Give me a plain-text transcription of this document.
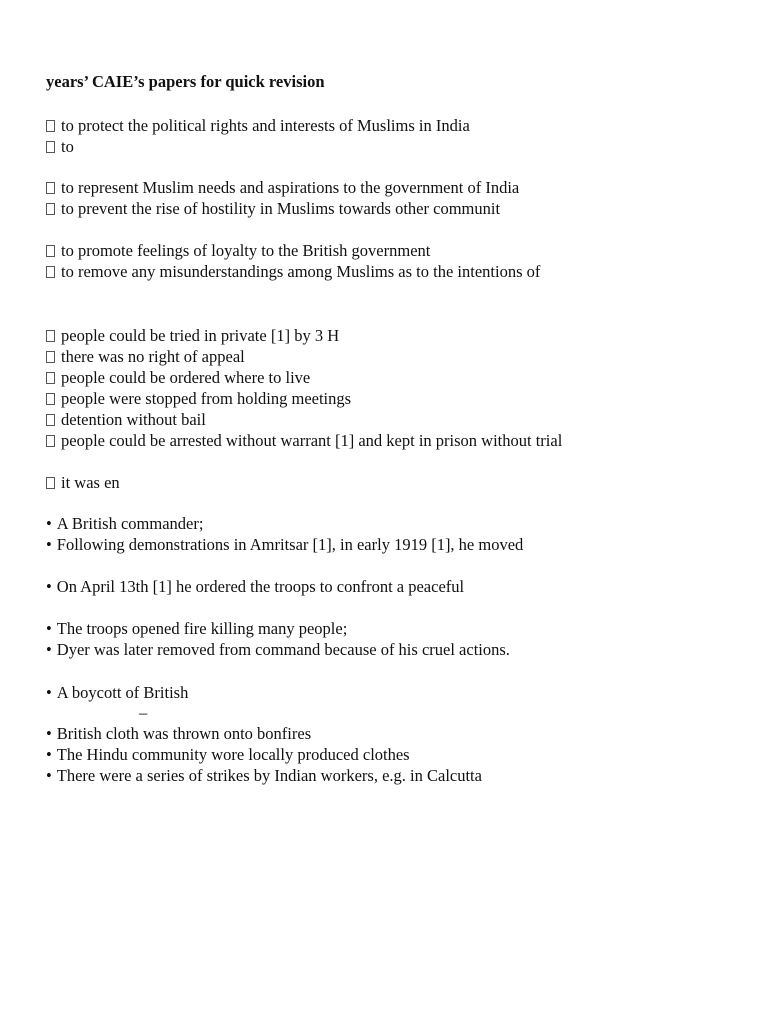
years’ CAIE’s papers for quick revision
to protect the political rights and interests of Muslims in India
to
to represent Muslim needs and aspirations to the government of India
to prevent the rise of hostility in Muslims towards other communit
to promote feelings of loyalty to the British government
to remove any misunderstandings among Muslims as to the intentions of
people could be tried in private [1] by 3 H
there was no right of appeal
people could be ordered where to live
people were stopped from holding meetings
detention without bail
people could be arrested without warrant [1] and kept in prison without trial
it was en
• A British commander;
• Following demonstrations in Amritsar [1], in early 1919 [1], he moved
• On April 13th [1] he ordered the troops to confront a peaceful
• The troops opened fire killing many people;
• Dyer was later removed from command because of his cruel actions.
• A boycott of British
–
• British cloth was thrown onto bonfires
• The Hindu community wore locally produced clothes
• There were a series of strikes by Indian workers, e.g. in Calcutta
